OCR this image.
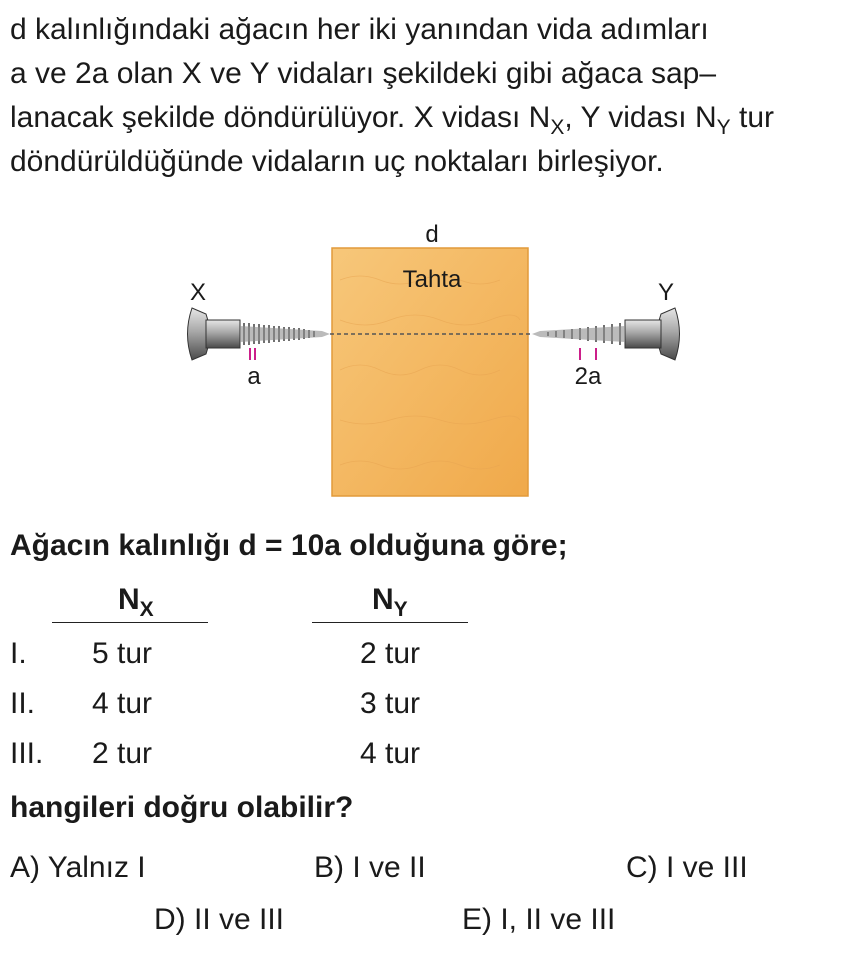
d kalınlığındaki ağacın her iki yanından vida adımları
a ve 2a olan X ve Y vidaları şekildeki gibi ağaca sap–
lanacak şekilde döndürülüyor. X vidası $N_X$, Y vidası $N_Y$ tur
döndürüldüğünde vidaların uç noktaları birleşiyor.
d
Tahta
X	Y
a	2a
Ağacın kalınlığı d = 10a olduğuna göre;
$N_X$	$N_Y$
I. 5 tur	2 tur
II. 4 tur	3 tur
III. 2 tur	4 tur
hangileri doğru olabilir?
A) Yalnız I	B) I ve II	C) I ve III
D) II ve III	E) I, II ve III
